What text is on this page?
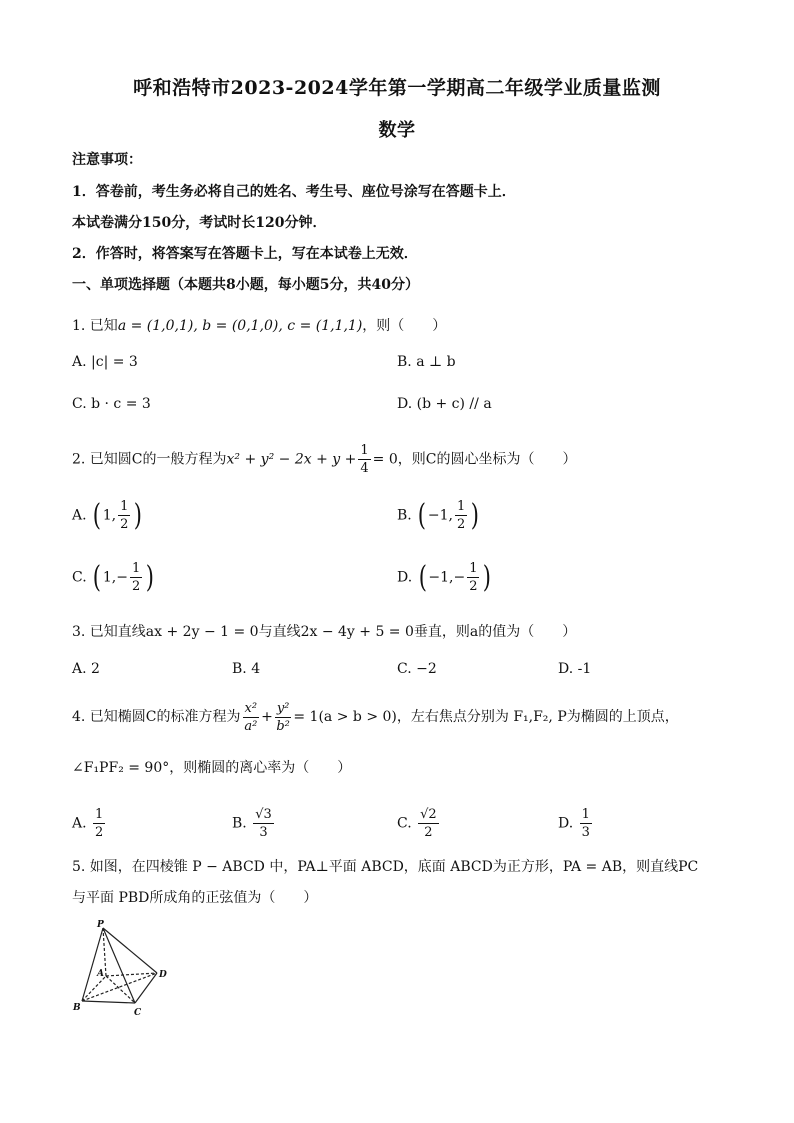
呼和浩特市2023-2024学年第一学期高二年级学业质量监测
数学
注意事项：
1．答卷前，考生务必将自己的姓名、考生号、座位号涂写在答题卡上．
本试卷满分150分，考试时长120分钟．
2．作答时，将答案写在答题卡上，写在本试卷上无效．
一、单项选择题（本题共8小题，每小题5分，共40分）
1. 已知a = (1,0,1), b = (0,1,0), c = (1,1,1)，则（　　）
A. |c| = 3	B. a ⊥ b
C. b · c = 3	D. (b + c) // a
2. 已知圆C的一般方程为$x^2 + y^2 - 2x + y + \frac{1}{4} = 0$，则C的圆心坐标为（　　）
A. ( 1, $\frac{1}{2}$ )	B. ( −1, $\frac{1}{2}$ )
C. ( $1,- \frac{1}{2}$ )	D. ( $-1,- \frac{1}{2}$ )
3. 已知直线ax + 2y − 1 = 0与直线2x − 4y + 5 = 0垂直，则a的值为（　　）
A. 2	B. 4	C. −2	D. -1
4. 已知椭圆C的标准方程为 $\frac{\text{x²}}{\text{a²}} + \frac{\text{y²}}{\text{b²}} = 1(a > b > 0)$，左右焦点分别为 F₁,F₂, P为椭圆的上顶点，
∠F₁PF₂ = 90°，则椭圆的离心率为（　　）
A. $\frac{1}{2}$	B. $\frac{√3}{3}$	C. $\frac{√2}{2}$	D. $\frac{1}{3}$
5. 如图，在四棱锥 P − ABCD 中，PA⊥平面 ABCD，底面 ABCD为正方形，PA = AB，则直线PC
与平面 PBD所成角的正弦值为（　　）
P
A
B	C
D
